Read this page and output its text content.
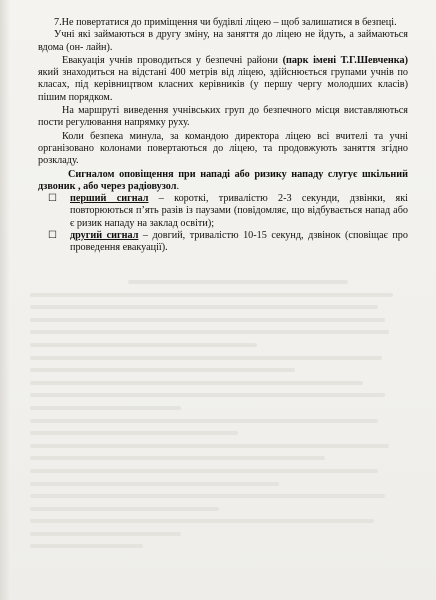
7.Не повертатися до приміщення чи будівлі ліцею – щоб залишатися в безпеці.

Учні які займаються в другу зміну, на заняття до ліцею не йдуть, а займаються вдома (он- лайн).

Евакуація учнів проводиться у безпечні райони (парк імені Т.Г.Шевченка) який знаходиться на відстані 400 метрів від ліцею, здійснюється групами учнів по класах, під керівництвом класних керівників (у першу чергу молодших класів) пішим порядком.

На маршруті виведення учнівських груп до безпечного місця виставляються пости регулювання напрямку руху.

Коли безпека минула, за командою директора ліцею всі вчителі та учні організовано колонами повертаються до ліцею, та продовжують заняття згідно розкладу.

Сигналом оповіщення при нападі або ризику нападу слугує шкільний дзвоник , або через радіовузол.

☐ перший сигнал – короткі, тривалістю 2-3 секунди, дзвінки, які повторюються п’ять разів із паузами (повідомляє, що відбувається напад або є ризик нападу на заклад освіти);
☐ другий сигнал – довгий, тривалістю 10-15 секунд, дзвінок (сповіщає про проведення евакуації).
